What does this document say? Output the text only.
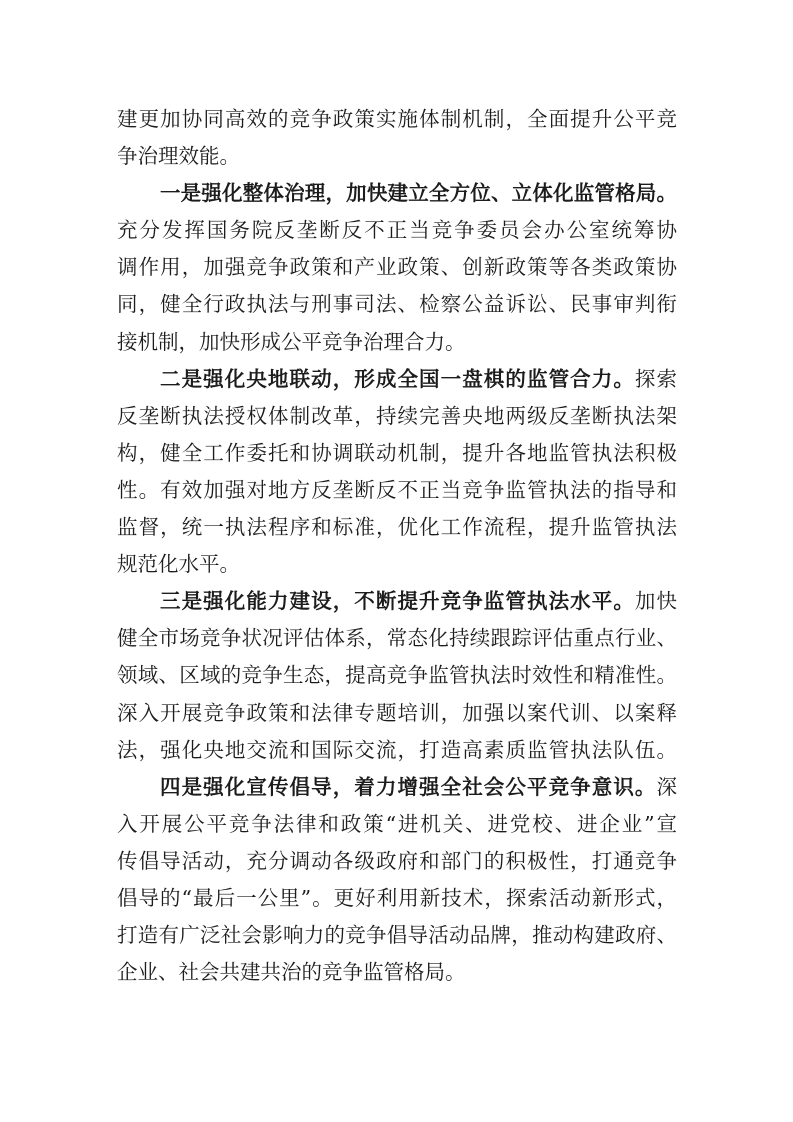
建更加协同高效的竞争政策实施体制机制，全面提升公平竞
争治理效能。
一是强化整体治理，加快建立全方位、立体化监管格局。
充分发挥国务院反垄断反不正当竞争委员会办公室统筹协
调作用，加强竞争政策和产业政策、创新政策等各类政策协
同，健全行政执法与刑事司法、检察公益诉讼、民事审判衔
接机制，加快形成公平竞争治理合力。
二是强化央地联动，形成全国一盘棋的监管合力。探索
反垄断执法授权体制改革，持续完善央地两级反垄断执法架
构，健全工作委托和协调联动机制，提升各地监管执法积极
性。有效加强对地方反垄断反不正当竞争监管执法的指导和
监督，统一执法程序和标准，优化工作流程，提升监管执法
规范化水平。
三是强化能力建设，不断提升竞争监管执法水平。加快
健全市场竞争状况评估体系，常态化持续跟踪评估重点行业、
领域、区域的竞争生态，提高竞争监管执法时效性和精准性。
深入开展竞争政策和法律专题培训，加强以案代训、以案释
法，强化央地交流和国际交流，打造高素质监管执法队伍。
四是强化宣传倡导，着力增强全社会公平竞争意识。深
入开展公平竞争法律和政策“进机关、进党校、进企业”宣
传倡导活动，充分调动各级政府和部门的积极性，打通竞争
倡导的“最后一公里”。更好利用新技术，探索活动新形式，
打造有广泛社会影响力的竞争倡导活动品牌，推动构建政府、
企业、社会共建共治的竞争监管格局。
